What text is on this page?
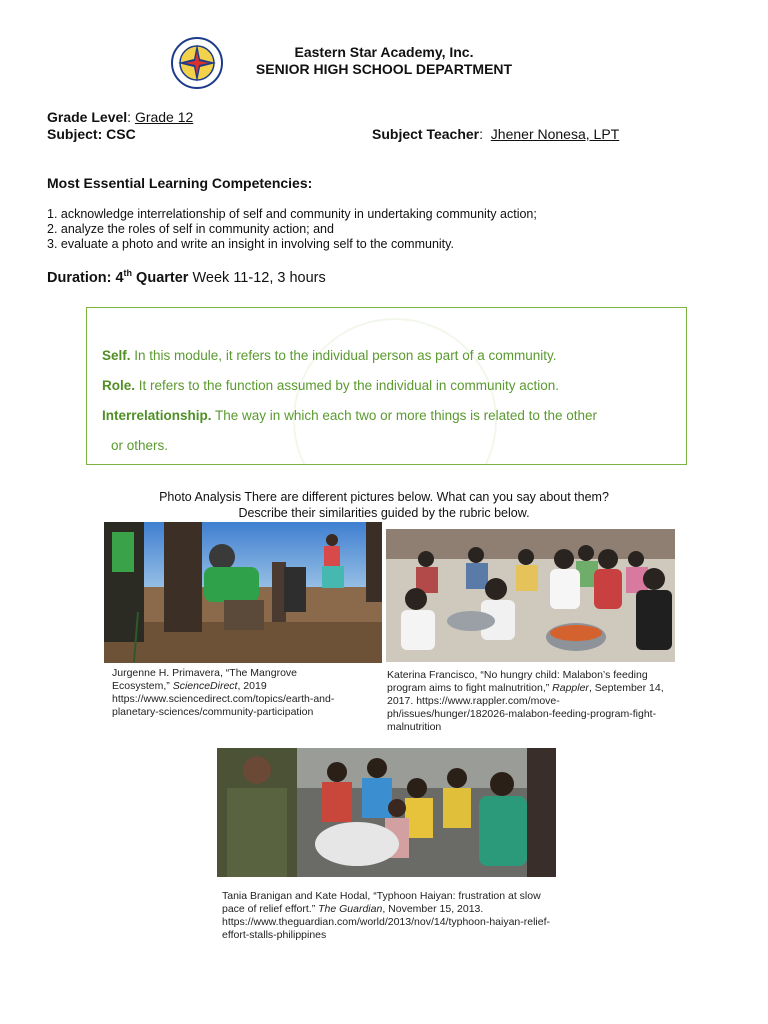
Eastern Star Academy, Inc.
SENIOR HIGH SCHOOL DEPARTMENT
Grade Level: Grade 12
Subject: CSC	Subject Teacher:  Jhener Nonesa, LPT
Most Essential Learning Competencies:
1. acknowledge interrelationship of self and community in undertaking community action;
2. analyze the roles of self in community action; and
3. evaluate a photo and write an insight in involving self to the community.
Duration: 4th Quarter Week 11-12, 3 hours
Self. In this module, it refers to the individual person as part of a community.
Role. It refers to the function assumed by the individual in community action.
Interrelationship. The way in which each two or more things is related to the other
or others.
Photo Analysis There are different pictures below. What can you say about them?
Describe their similarities guided by the rubric below.
Jurgenne H. Primavera, “The Mangrove Ecosystem,” ScienceDirect, 2019 https://www.sciencedirect.com/topics/earth-and-planetary-sciences/community-participation
Katerina Francisco, “No hungry child: Malabon’s feeding program aims to fight malnutrition,” Rappler, September 14, 2017. https://www.rappler.com/move-ph/issues/hunger/182026-malabon-feeding-program-fight-malnutrition
Tania Branigan and Kate Hodal, “Typhoon Haiyan: frustration at slow pace of relief effort.” The Guardian, November 15, 2013. https://www.theguardian.com/world/2013/nov/14/typhoon-haiyan-relief-effort-stalls-philippines
